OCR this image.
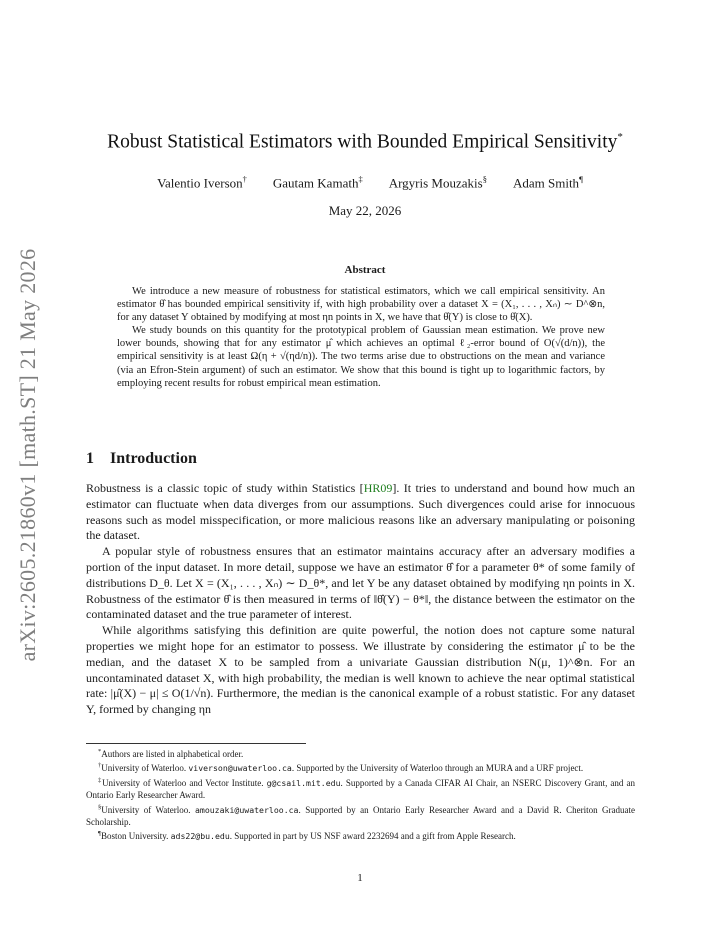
arXiv:2605.21860v1 [math.ST] 21 May 2026
Robust Statistical Estimators with Bounded Empirical Sensitivity*
Valentio Iverson† Gautam Kamath‡ Argyris Mouzakis§ Adam Smith¶
May 22, 2026
Abstract

We introduce a new measure of robustness for statistical estimators, which we call empirical sensitivity. An estimator θ̂ has bounded empirical sensitivity if, with high probability over a dataset X = (X₁, . . . , Xₙ) ∼ D^⊗n, for any dataset Y obtained by modifying at most ηn points in X, we have that θ̂(Y) is close to θ̂(X).

We study bounds on this quantity for the prototypical problem of Gaussian mean estimation. We prove new lower bounds, showing that for any estimator μ̂ which achieves an optimal ℓ₂-error bound of O(√(d/n)), the empirical sensitivity is at least Ω(η + √(ηd/n)). The two terms arise due to obstructions on the mean and variance (via an Efron-Stein argument) of such an estimator. We show that this bound is tight up to logarithmic factors, by employing recent results for robust empirical mean estimation.

1 Introduction

Robustness is a classic topic of study within Statistics [HR09]. It tries to understand and bound how much an estimator can fluctuate when data diverges from our assumptions. Such divergences could arise for innocuous reasons such as model misspecification, or more malicious reasons like an adversary manipulating or poisoning the dataset.

A popular style of robustness ensures that an estimator maintains accuracy after an adversary modifies a portion of the input dataset. In more detail, suppose we have an estimator θ̂ for a parameter θ* of some family of distributions D_θ. Let X = (X₁, . . . , Xₙ) ∼ D_θ*, and let Y be any dataset obtained by modifying ηn points in X. Robustness of the estimator θ̂ is then measured in terms of ‖θ̂(Y) − θ*‖, the distance between the estimator on the contaminated dataset and the true parameter of interest.

While algorithms satisfying this definition are quite powerful, the notion does not capture some natural properties we might hope for an estimator to possess. We illustrate by considering the estimator μ̂ to be the median, and the dataset X to be sampled from a univariate Gaussian distribution N(μ, 1)^⊗n. For an uncontaminated dataset X, with high probability, the median is well known to achieve the near optimal statistical rate: |μ̂(X) − μ| ≤ O(1/√n). Furthermore, the median is the canonical example of a robust statistic. For any dataset Y, formed by changing ηn

*Authors are listed in alphabetical order.

†University of Waterloo. viverson@uwaterloo.ca. Supported by the University of Waterloo through an MURA and a URF project.

‡University of Waterloo and Vector Institute. g@csail.mit.edu. Supported by a Canada CIFAR AI Chair, an NSERC Discovery Grant, and an Ontario Early Researcher Award.

§University of Waterloo. amouzaki@uwaterloo.ca. Supported by an Ontario Early Researcher Award and a David R. Cheriton Graduate Scholarship.

¶Boston University. ads22@bu.edu. Supported in part by US NSF award 2232694 and a gift from Apple Research.

1
